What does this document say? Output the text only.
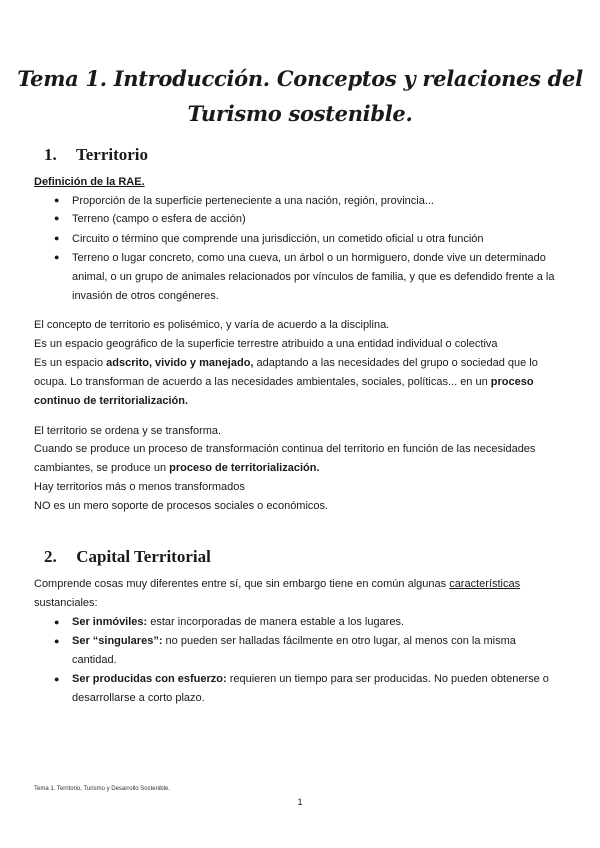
Tema 1. Introducción. Conceptos y relaciones del
Turismo sostenible.
1. Territorio
Definición de la RAE.
● Proporción de la superficie perteneciente a una nación, región, provincia...
● Terreno (campo o esfera de acción)
● Circuito o término que comprende una jurisdicción, un cometido oficial u otra función
● Terreno o lugar concreto, como una cueva, un árbol o un hormiguero, donde vive un determinado
animal, o un grupo de animales relacionados por vínculos de familia, y que es defendido frente a la
invasión de otros congéneres.
El concepto de territorio es polisémico, y varía de acuerdo a la disciplina.
Es un espacio geográfico de la superficie terrestre atribuido a una entidad individual o colectiva
Es un espacio adscrito, vivido y manejado, adaptando a las necesidades del grupo o sociedad que lo
ocupa. Lo transforman de acuerdo a las necesidades ambientales, sociales, políticas... en un proceso
continuo de territorialización.
El territorio se ordena y se transforma.
Cuando se produce un proceso de transformación continua del territorio en función de las necesidades
cambiantes, se produce un proceso de territorialización.
Hay territorios más o menos transformados
NO es un mero soporte de procesos sociales o económicos.
2. Capital Territorial
Comprende cosas muy diferentes entre sí, que sin embargo tiene en común algunas características
sustanciales:
● Ser inmóviles: estar incorporadas de manera estable a los lugares.
● Ser “singulares”: no pueden ser halladas fácilmente en otro lugar, al menos con la misma
cantidad.
● Ser producidas con esfuerzo: requieren un tiempo para ser producidas. No pueden obtenerse o
desarrollarse a corto plazo.
Tema 1. Territorio, Turismo y Desarrollo Sostenible.
1
